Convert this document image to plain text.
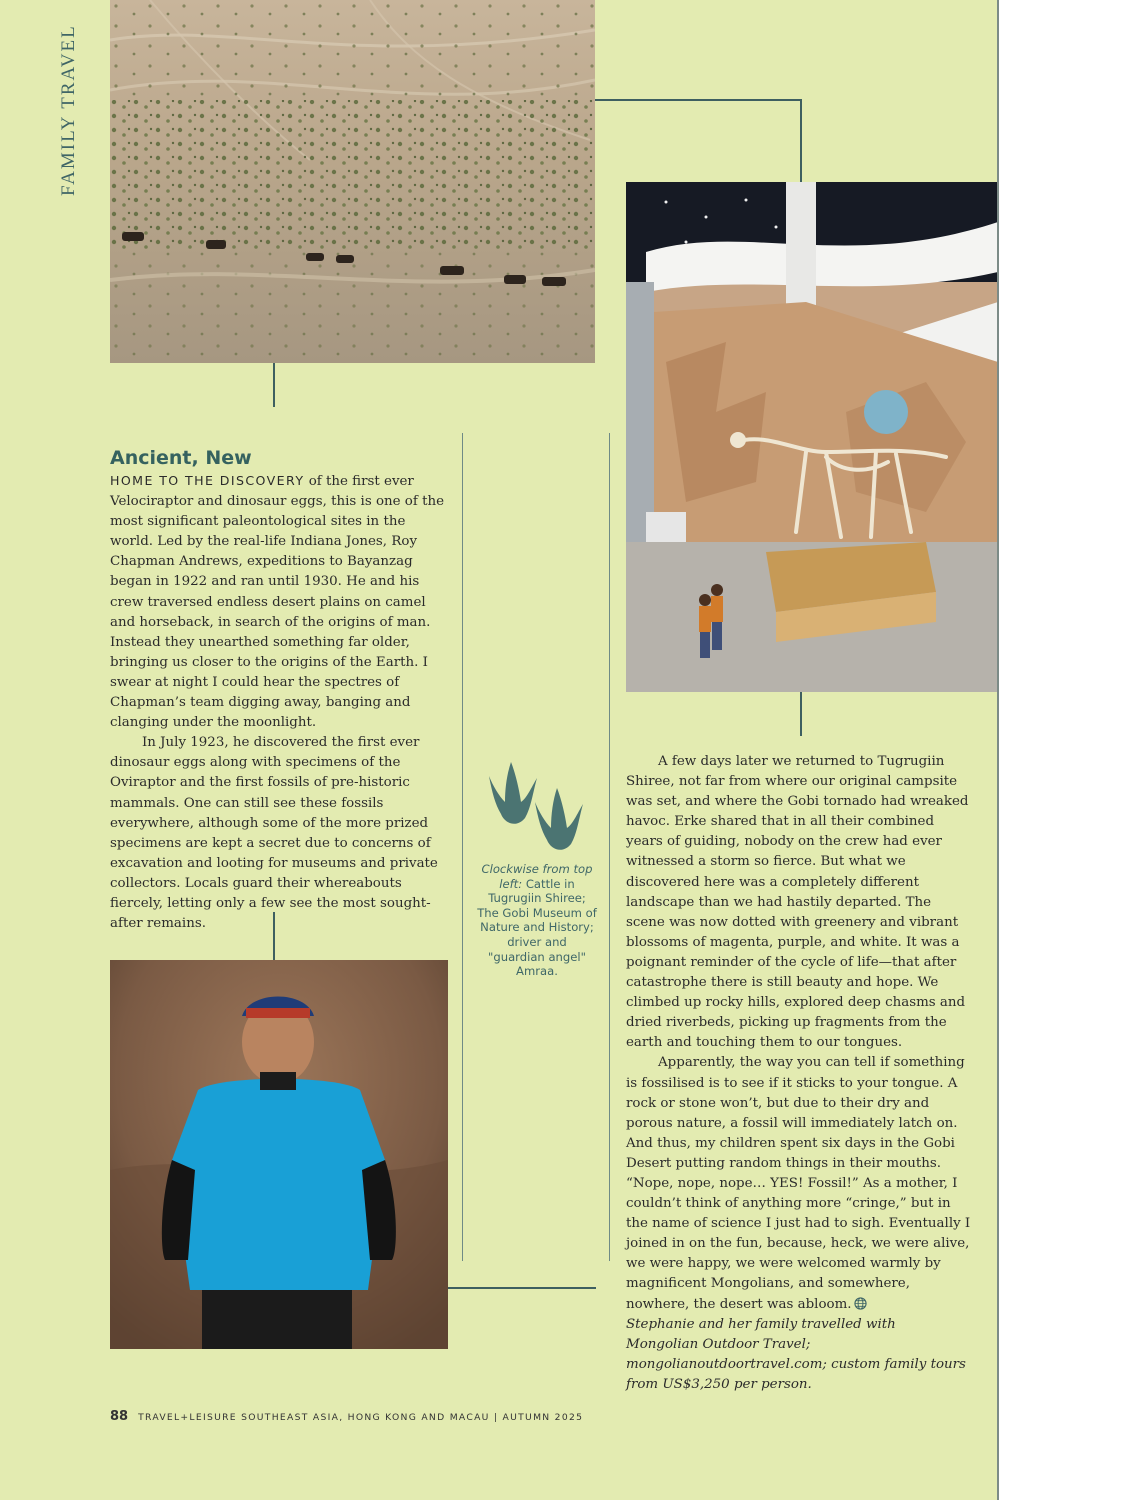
FAMILY TRAVEL
Ancient, New

HOME TO THE DISCOVERY of the first ever Velociraptor and dinosaur eggs, this is one of the most significant paleontological sites in the world. Led by the real-life Indiana Jones, Roy Chapman Andrews, expeditions to Bayanzag began in 1922 and ran until 1930. He and his crew traversed endless desert plains on camel and horseback, in search of the origins of man. Instead they unearthed something far older, bringing us closer to the origins of the Earth. I swear at night I could hear the spectres of Chapman’s team digging away, banging and clanging under the moonlight.

In July 1923, he discovered the first ever dinosaur eggs along with specimens of the Oviraptor and the first fossils of pre-historic mammals. One can still see these fossils everywhere, although some of the more prized specimens are kept a secret due to concerns of excavation and looting for museums and private collectors. Locals guard their whereabouts fiercely, letting only a few see the most sought-after remains.

Clockwise from top left: Cattle in Tugrugiin Shiree; The Gobi Museum of Nature and History; driver and "guardian angel" Amraa.

A few days later we returned to Tugrugiin Shiree, not far from where our original campsite was set, and where the Gobi tornado had wreaked havoc. Erke shared that in all their combined years of guiding, nobody on the crew had ever witnessed a storm so fierce. But what we discovered here was a completely different landscape than we had hastily departed. The scene was now dotted with greenery and vibrant blossoms of magenta, purple, and white. It was a poignant reminder of the cycle of life—that after catastrophe there is still beauty and hope. We climbed up rocky hills, explored deep chasms and dried riverbeds, picking up fragments from the earth and touching them to our tongues.

Apparently, the way you can tell if something is fossilised is to see if it sticks to your tongue. A rock or stone won’t, but due to their dry and porous nature, a fossil will immediately latch on. And thus, my children spent six days in the Gobi Desert putting random things in their mouths. “Nope, nope, nope… YES! Fossil!” As a mother, I couldn’t think of anything more “cringe,” but in the name of science I just had to sigh. Eventually I joined in on the fun, because, heck, we were alive, we were happy, we were welcomed warmly by magnificent Mongolians, and somewhere, nowhere, the desert was abloom.

Stephanie and her family travelled with Mongolian Outdoor Travel; mongolianoutdoortravel.com; custom family tours from US$3,250 per person.

88 TRAVEL+LEISURE SOUTHEAST ASIA, HONG KONG AND MACAU | AUTUMN 2025
